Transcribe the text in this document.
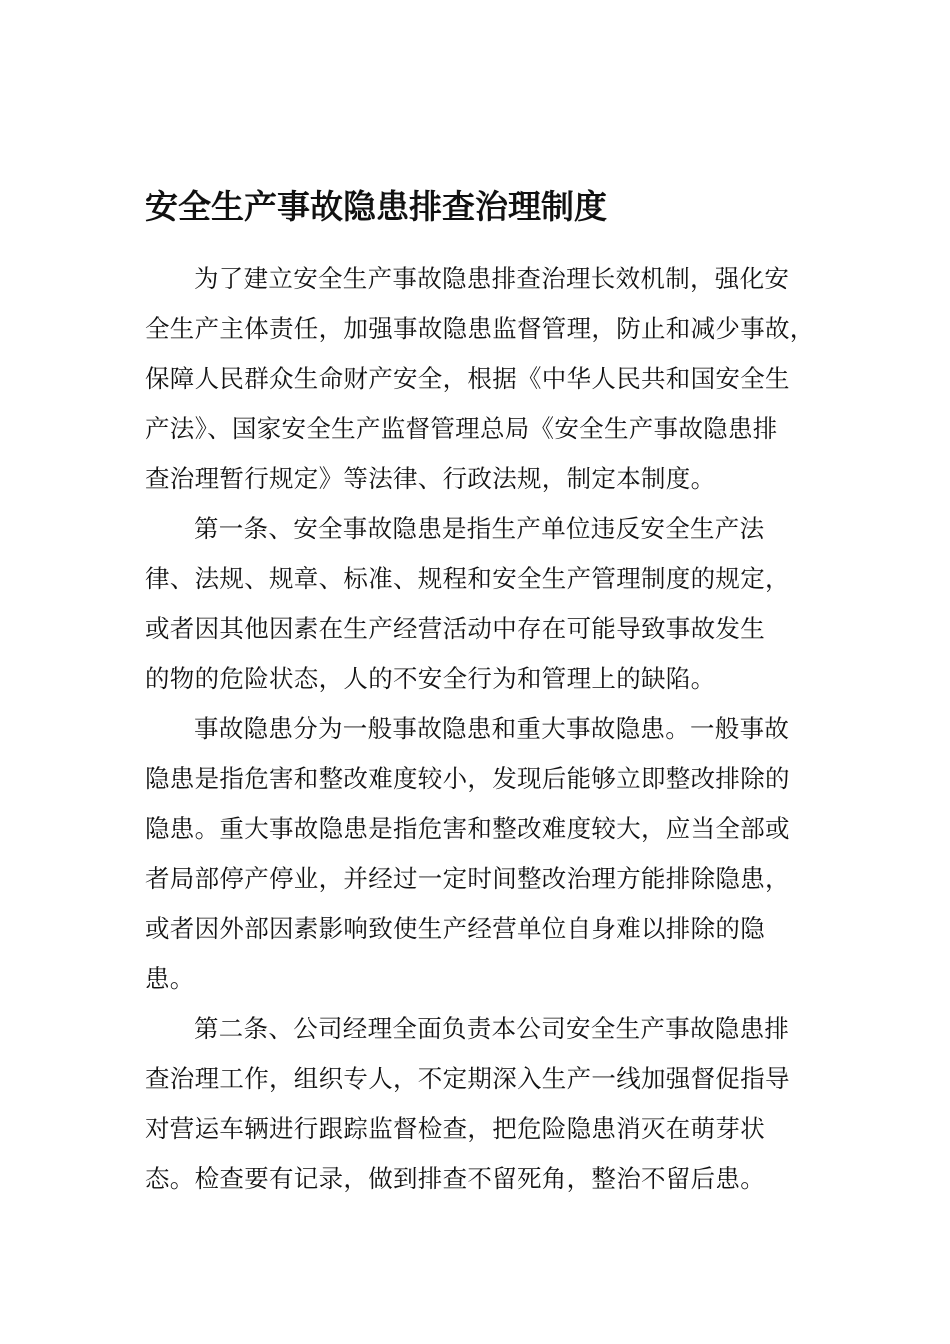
安全生产事故隐患排查治理制度

为了建立安全生产事故隐患排查治理长效机制，强化安

全生产主体责任，加强事故隐患监督管理，防止和减少事故，

保障人民群众生命财产安全，根据《中华人民共和国安全生

产法》、国家安全生产监督管理总局《安全生产事故隐患排

查治理暂行规定》等法律、行政法规，制定本制度。

第一条、安全事故隐患是指生产单位违反安全生产法

律、法规、规章、标准、规程和安全生产管理制度的规定，

或者因其他因素在生产经营活动中存在可能导致事故发生

的物的危险状态，人的不安全行为和管理上的缺陷。

事故隐患分为一般事故隐患和重大事故隐患。一般事故

隐患是指危害和整改难度较小，发现后能够立即整改排除的

隐患。重大事故隐患是指危害和整改难度较大，应当全部或

者局部停产停业，并经过一定时间整改治理方能排除隐患，

或者因外部因素影响致使生产经营单位自身难以排除的隐

患。

第二条、公司经理全面负责本公司安全生产事故隐患排

查治理工作，组织专人，不定期深入生产一线加强督促指导

对营运车辆进行跟踪监督检查，把危险隐患消灭在萌芽状

态。检查要有记录，做到排查不留死角，整治不留后患。
